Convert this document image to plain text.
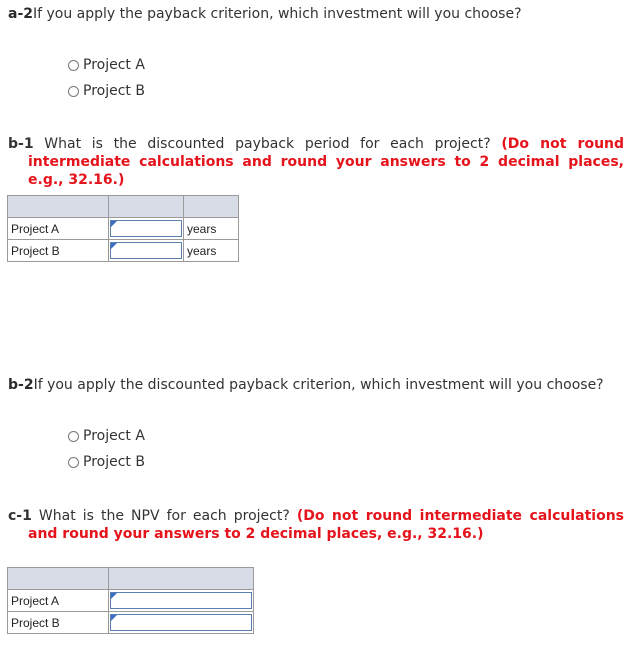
a-2If you apply the payback criterion, which investment will you choose?
Project A
Project B
b-1 What is the discounted payback period for each project? (Do not round intermediate calculations and round your answers to 2 decimal places, e.g., 32.16.)

Project A		years
Project B		years
b-2If you apply the discounted payback criterion, which investment will you choose?
Project A
Project B
c-1 What is the NPV for each project? (Do not round intermediate calculations and round your answers to 2 decimal places, e.g., 32.16.)

Project A	

Project B	
